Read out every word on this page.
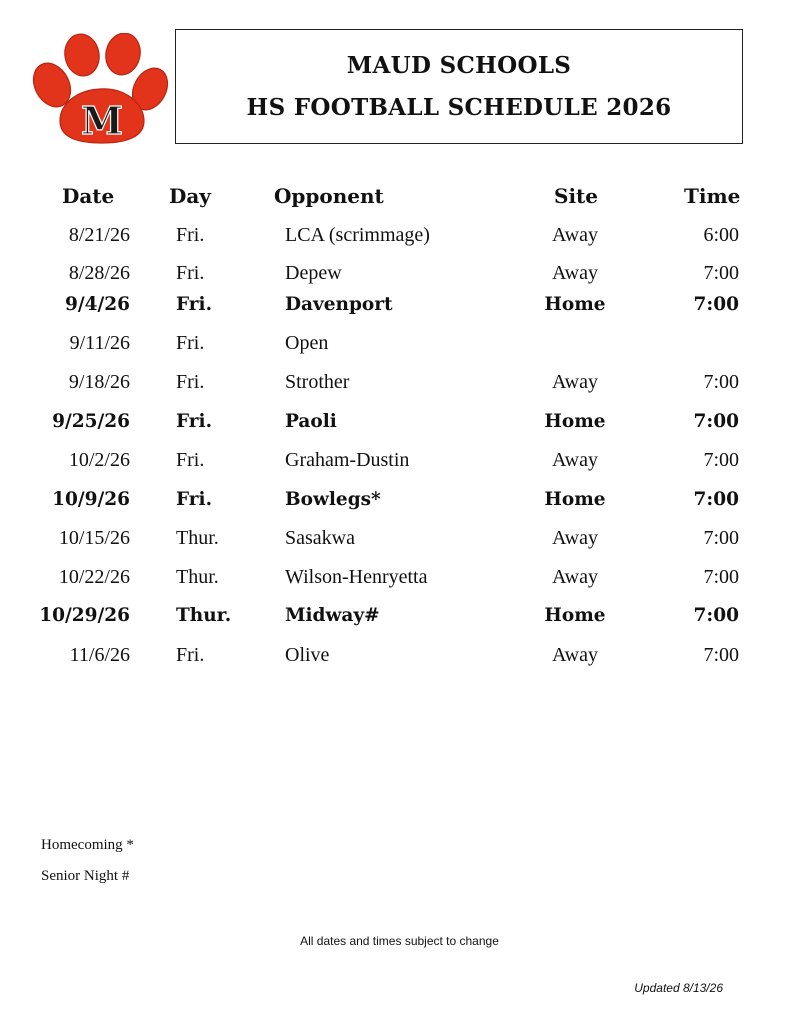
M
MAUD SCHOOLS
HS FOOTBALL SCHEDULE 2026
Date	Day	Opponent	Site	Time
8/21/26 Fri.	LCA (scrimmage)	Away	6:00
8/28/26 Fri.	Depew	Away	7:00
9/4/26 Fri.	Davenport	Home	7:00
9/11/26 Fri.	Open
9/18/26 Fri.	Strother	Away	7:00
9/25/26 Fri.	Paoli	Home	7:00
10/2/26 Fri.	Graham-Dustin	Away	7:00
10/9/26 Fri.	Bowlegs*	Home	7:00
10/15/26 Thur.	Sasakwa	Away	7:00
10/22/26 Thur.	Wilson-Henryetta	Away	7:00
10/29/26 Thur.	Midway#	Home	7:00
11/6/26 Fri.	Olive	Away	7:00
Homecoming *
Senior Night #
All dates and times subject to change
Updated 8/13/26
